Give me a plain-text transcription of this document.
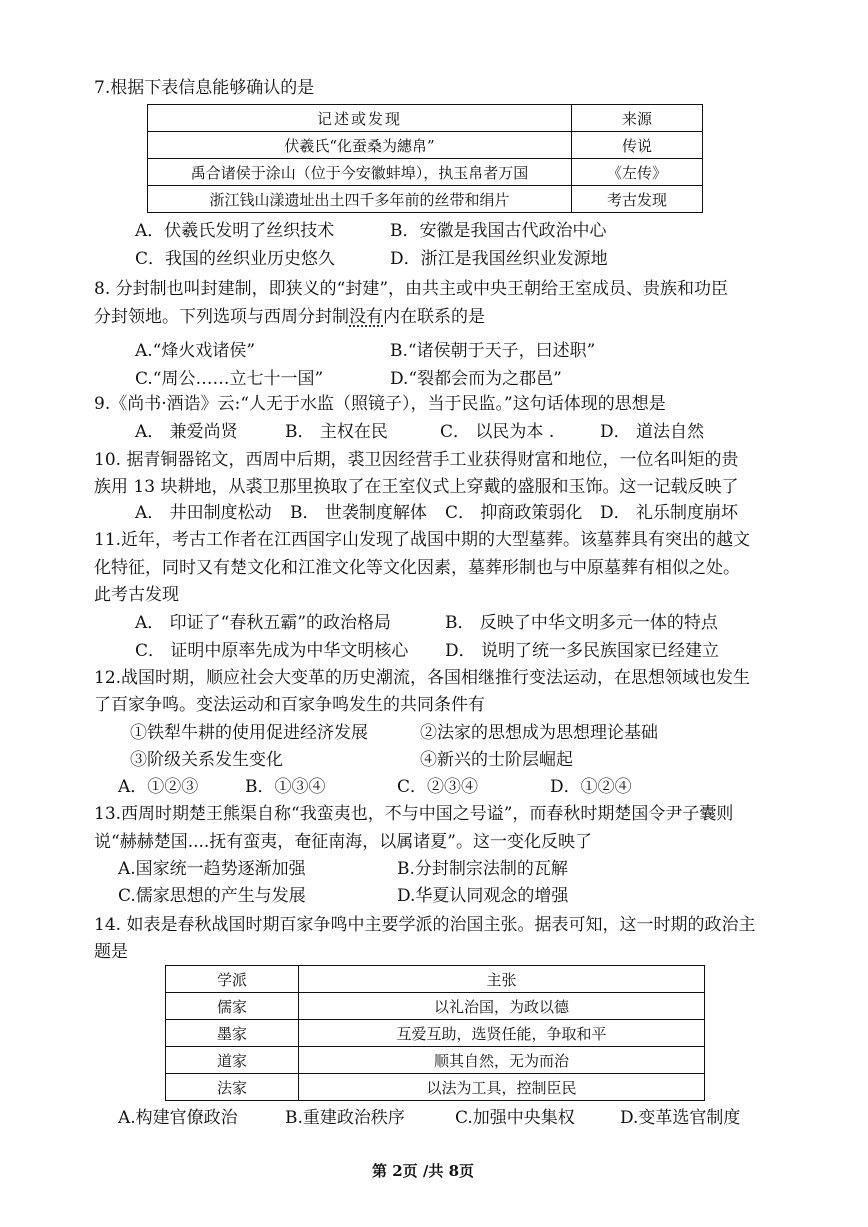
7.根据下表信息能够确认的是
记述或发现	来源
伏羲氏“化蚕桑为繐帛”	传说
禹合诸侯于涂山（位于今安徽蚌埠），执玉帛者万国	《左传》
浙江钱山漾遗址出土四千多年前的丝带和绢片	考古发现
A．伏羲氏发明了丝织技术	B．安徽是我国古代政治中心
C．我国的丝织业历史悠久	D．浙江是我国丝织业发源地
8. 分封制也叫封建制，即狭义的“封建”，由共主或中央王朝给王室成员、贵族和功臣
分封领地。下列选项与西周分封制没有内在联系的是
A.“烽火戏诸侯”	B.“诸侯朝于天子，曰述职”
C.“周公……立七十一国”	D.“裂都会而为之郡邑”
9.《尚书·酒诰》云:“人无于水监（照镜子），当于民监。”这句话体现的思想是
A． 兼爱尚贤	B． 主权在民	C． 以民为本 .	D． 道法自然
10. 据青铜器铭文，西周中后期，裘卫因经营手工业获得财富和地位，一位名叫矩的贵
族用 13 块耕地，从裘卫那里换取了在王室仪式上穿戴的盛服和玉饰。这一记载反映了
A． 井田制度松动 B． 世袭制度解体 C． 抑商政策弱化 D． 礼乐制度崩坏
11.近年，考古工作者在江西国字山发现了战国中期的大型墓葬。该墓葬具有突出的越文
化特征，同时又有楚文化和江淮文化等文化因素，墓葬形制也与中原墓葬有相似之处。
此考古发现
A． 印证了“春秋五霸”的政治格局	B． 反映了中华文明多元一体的特点
C． 证明中原率先成为中华文明核心 D． 说明了统一多民族国家已经建立
12.战国时期，顺应社会大变革的历史潮流，各国相继推行变法运动，在思想领域也发生
了百家争鸣。变法运动和百家争鸣发生的共同条件有
①铁犁牛耕的使用促进经济发展	②法家的思想成为思想理论基础
③阶级关系发生变化	④新兴的士阶层崛起
A．①②③	B．①③④	C．②③④	D．①②④
13.西周时期楚王熊渠自称“我蛮夷也，不与中国之号谥”，而春秋时期楚国令尹子囊则
说“赫赫楚国....抚有蛮夷，奄征南海，以属诸夏”。这一变化反映了
A.国家统一趋势逐渐加强	B.分封制宗法制的瓦解
C.儒家思想的产生与发展	D.华夏认同观念的增强
14. 如表是春秋战国时期百家争鸣中主要学派的治国主张。据表可知，这一时期的政治主
题是
学派	主张
儒家	以礼治国，为政以德
墨家	互爱互助，选贤任能，争取和平
道家	顺其自然，无为而治
法家	以法为工具，控制臣民
A.构建官僚政治	B.重建政治秩序	C.加强中央集权	D.变革选官制度
第 2页 /共 8页
